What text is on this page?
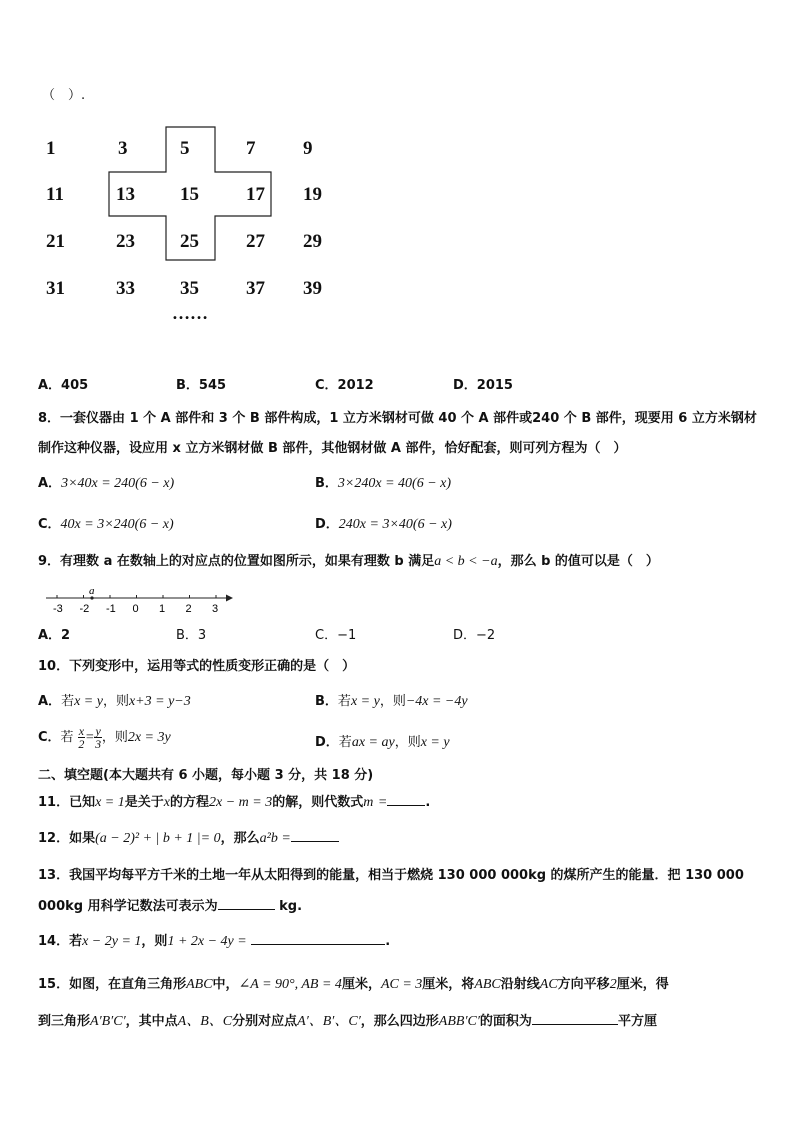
（　）.
1	3	5	7	9
11	13	15	17	19
21	23	25	27	29
31	33	35	37	39
……
A．405	B．545	C．2012	D．2015
8．一套仪器由 1 个 A 部件和 3 个 B 部件构成，1 立方米钢材可做 40 个 A 部件或240 个 B 部件，现要用 6 立方米钢材
制作这种仪器，设应用 x 立方米钢材做 B 部件，其他钢材做 A 部件，恰好配套，则可列方程为（　）
A．3×40x = 240(6 − x)	B．3×240x = 40(6 − x)
C．40x = 3×240(6 − x)	D．240x = 3×40(6 − x)
9．有理数 a 在数轴上的对应点的位置如图所示，如果有理数 b 满足a < b < −a，那么 b 的值可以是（　）
-3 -2 -1 0 1 2 3
a
A．2	B．3	C．−1	D．−2
10．下列变形中，运用等式的性质变形正确的是（　）
A．若x = y，则x+3 = y−3	B．若x = y，则−4x = −4y
C．若 $\frac{x}{2} = \frac{y}{3}$ ，则2x = 3y	D．若ax = ay，则x = y
二、填空题(本大题共有 6 小题，每小题 3 分，共 18 分)
11．已知x = 1是关于x的方程2x − m = 3的解，则代数式m =	.
12．如果(a − 2)² + | b + 1 |= 0，那么a²b =
13．我国平均每平方千米的土地一年从太阳得到的能量，相当于燃烧 130 000 000kg 的煤所产生的能量．把 130 000
000kg 用科学记数法可表示为	kg.
14．若x − 2y = 1，则1 + 2x − 4y =	.
15．如图，在直角三角形ABC中，∠A = 90°, AB = 4厘米，AC = 3厘米，将ABC沿射线AC方向平移2厘米，得
到三角形A′B′C′，其中点A、B、C分别对应点A′、B′、C′，那么四边形ABB′C′的面积为	平方厘
